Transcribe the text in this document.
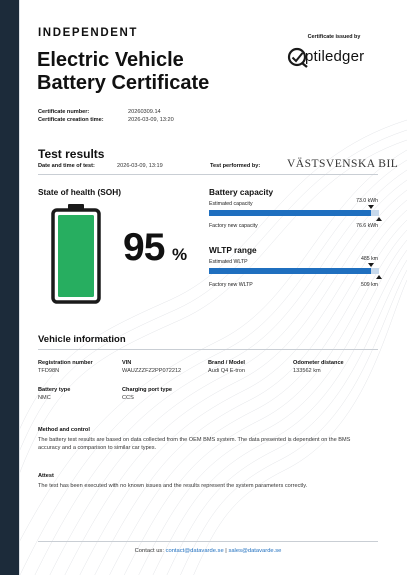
INDEPENDENT
Electric Vehicle
Battery Certificate
Certificate issued by
ptiledger
Certificate number:	20260309.14
Certificate creation time:	2026-03-09, 13:20
Test results
Date and time of test:	2026-03-09, 13:19	Test performed by: VÄSTSVENSKA BIL
State of health (SOH)
95 %
Battery capacity
Estimated capacity	73.0 kWh
Factory new capacity	76.6 kWh
WLTP range
Estimated WLTP	485 km
Factory new WLTP	509 km
Vehicle information
Registration number
TFD98N
VIN
WAUZZZFZ2PP072212
Brand / Model
Audi Q4 E-tron
Odometer distance
133562 km
Battery type
NMC
Charging port type
CCS
Method and control
The battery test results are based on data collected from the OEM BMS system. The data presented is dependent on the BMS accuracy and a comparison to similar car types.
Attest
The test has been executed with no known issues and the results represent the system parameters correctly.
Contact us: contact@datavarde.se | sales@datavarde.se
